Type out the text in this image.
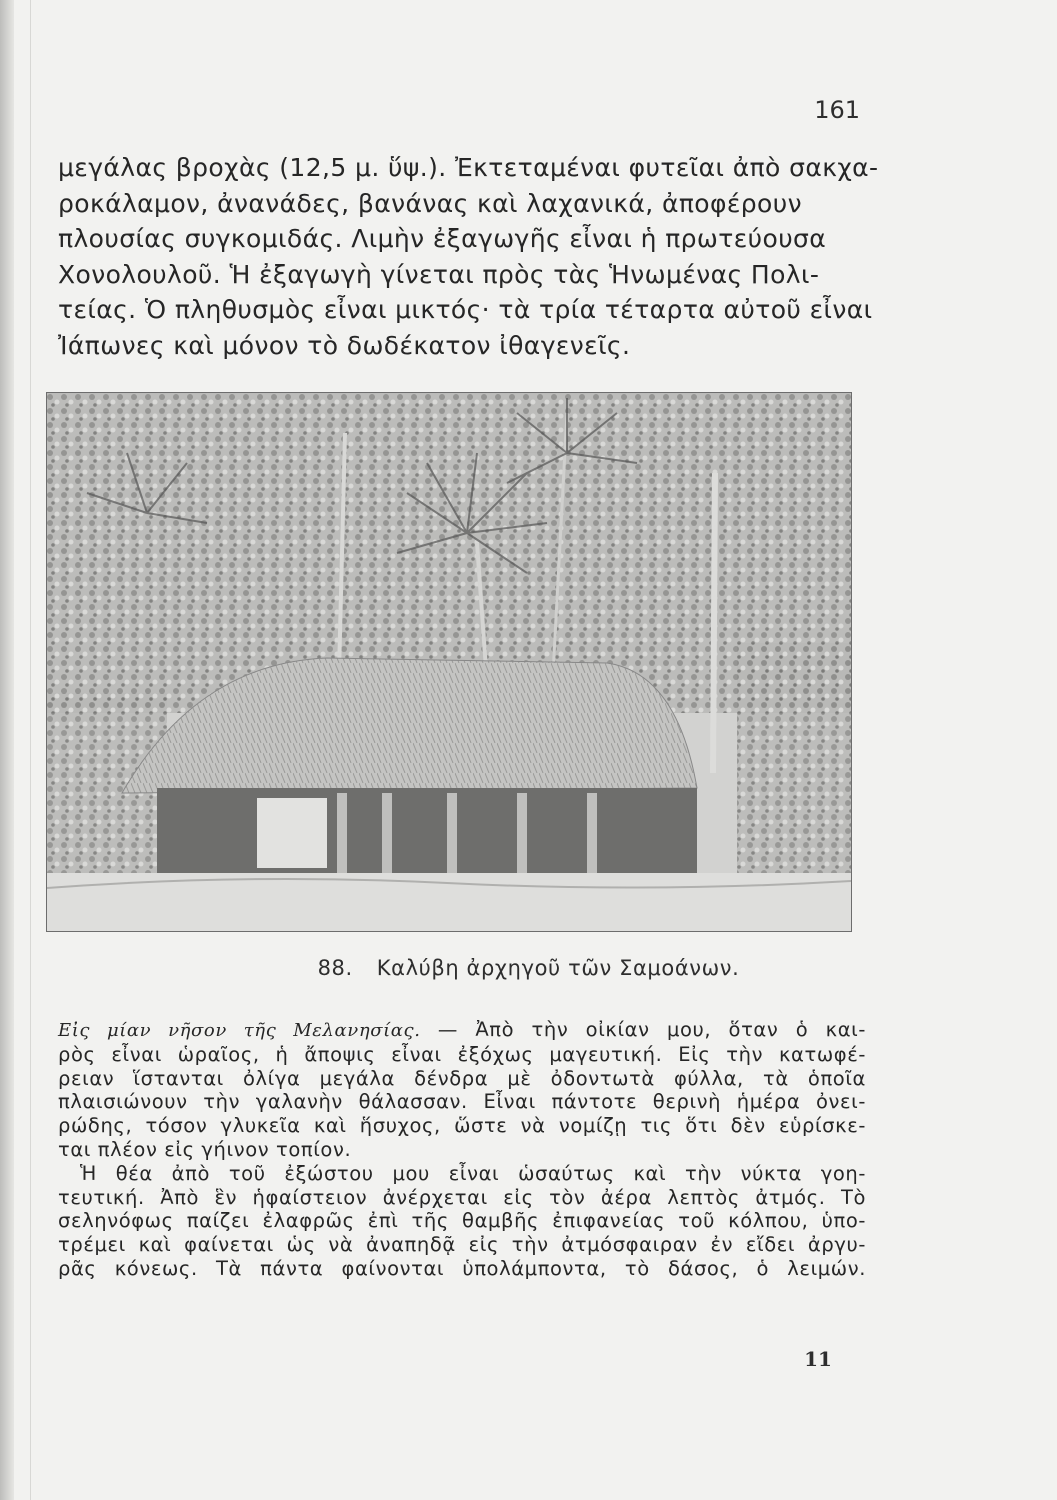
161
μεγάλας βροχὰς (12,5 μ. ὕψ.). Ἐκτεταμέναι φυτεῖαι ἀπὸ σακχα-
ροκάλαμον, ἀνανάδες, βανάνας καὶ λαχανικά, ἀποφέρουν
πλουσίας συγκομιδάς. Λιμὴν ἐξαγωγῆς εἶναι ἡ πρωτεύουσα
Χονολουλοῦ. Ἡ ἐξαγωγὴ γίνεται πρὸς τὰς Ἡνωμένας Πολι-
τείας. Ὁ πληθυσμὸς εἶναι μικτός· τὰ τρία τέταρτα αὐτοῦ εἶναι
Ἰάπωνες καὶ μόνον τὸ δωδέκατον ἰθαγενεῖς.
88. Καλύβη ἀρχηγοῦ τῶν Σαμοάνων.
Εἰς μίαν νῆσον τῆς Μελανησίας. — Ἀπὸ τὴν οἰκίαν μου, ὅταν ὁ και-
ρὸς εἶναι ὡραῖος, ἡ ἄποψις εἶναι ἐξόχως μαγευτική. Εἰς τὴν κατωφέ-
ρειαν ἵστανται ὀλίγα μεγάλα δένδρα μὲ ὀδοντωτὰ φύλλα, τὰ ὁποῖα
πλαισιώνουν τὴν γαλανὴν θάλασσαν. Εἶναι πάντοτε θερινὴ ἡμέρα ὀνει-
ρώδης, τόσον γλυκεῖα καὶ ἥσυχος, ὥστε νὰ νομίζῃ τις ὅτι δὲν εὑρίσκε-
ται πλέον εἰς γήινον τοπίον.
Ἡ θέα ἀπὸ τοῦ ἐξώστου μου εἶναι ὡσαύτως καὶ τὴν νύκτα γοη-
τευτική. Ἀπὸ ἓν ἡφαίστειον ἀνέρχεται εἰς τὸν ἀέρα λεπτὸς ἀτμός. Τὸ
σεληνόφως παίζει ἐλαφρῶς ἐπὶ τῆς θαμβῆς ἐπιφανείας τοῦ κόλπου, ὑπο-
τρέμει καὶ φαίνεται ὡς νὰ ἀναπηδᾷ εἰς τὴν ἀτμόσφαιραν ἐν εἴδει ἀργυ-
ρᾶς κόνεως. Τὰ πάντα φαίνονται ὑπολάμποντα, τὸ δάσος, ὁ λειμών.
11
